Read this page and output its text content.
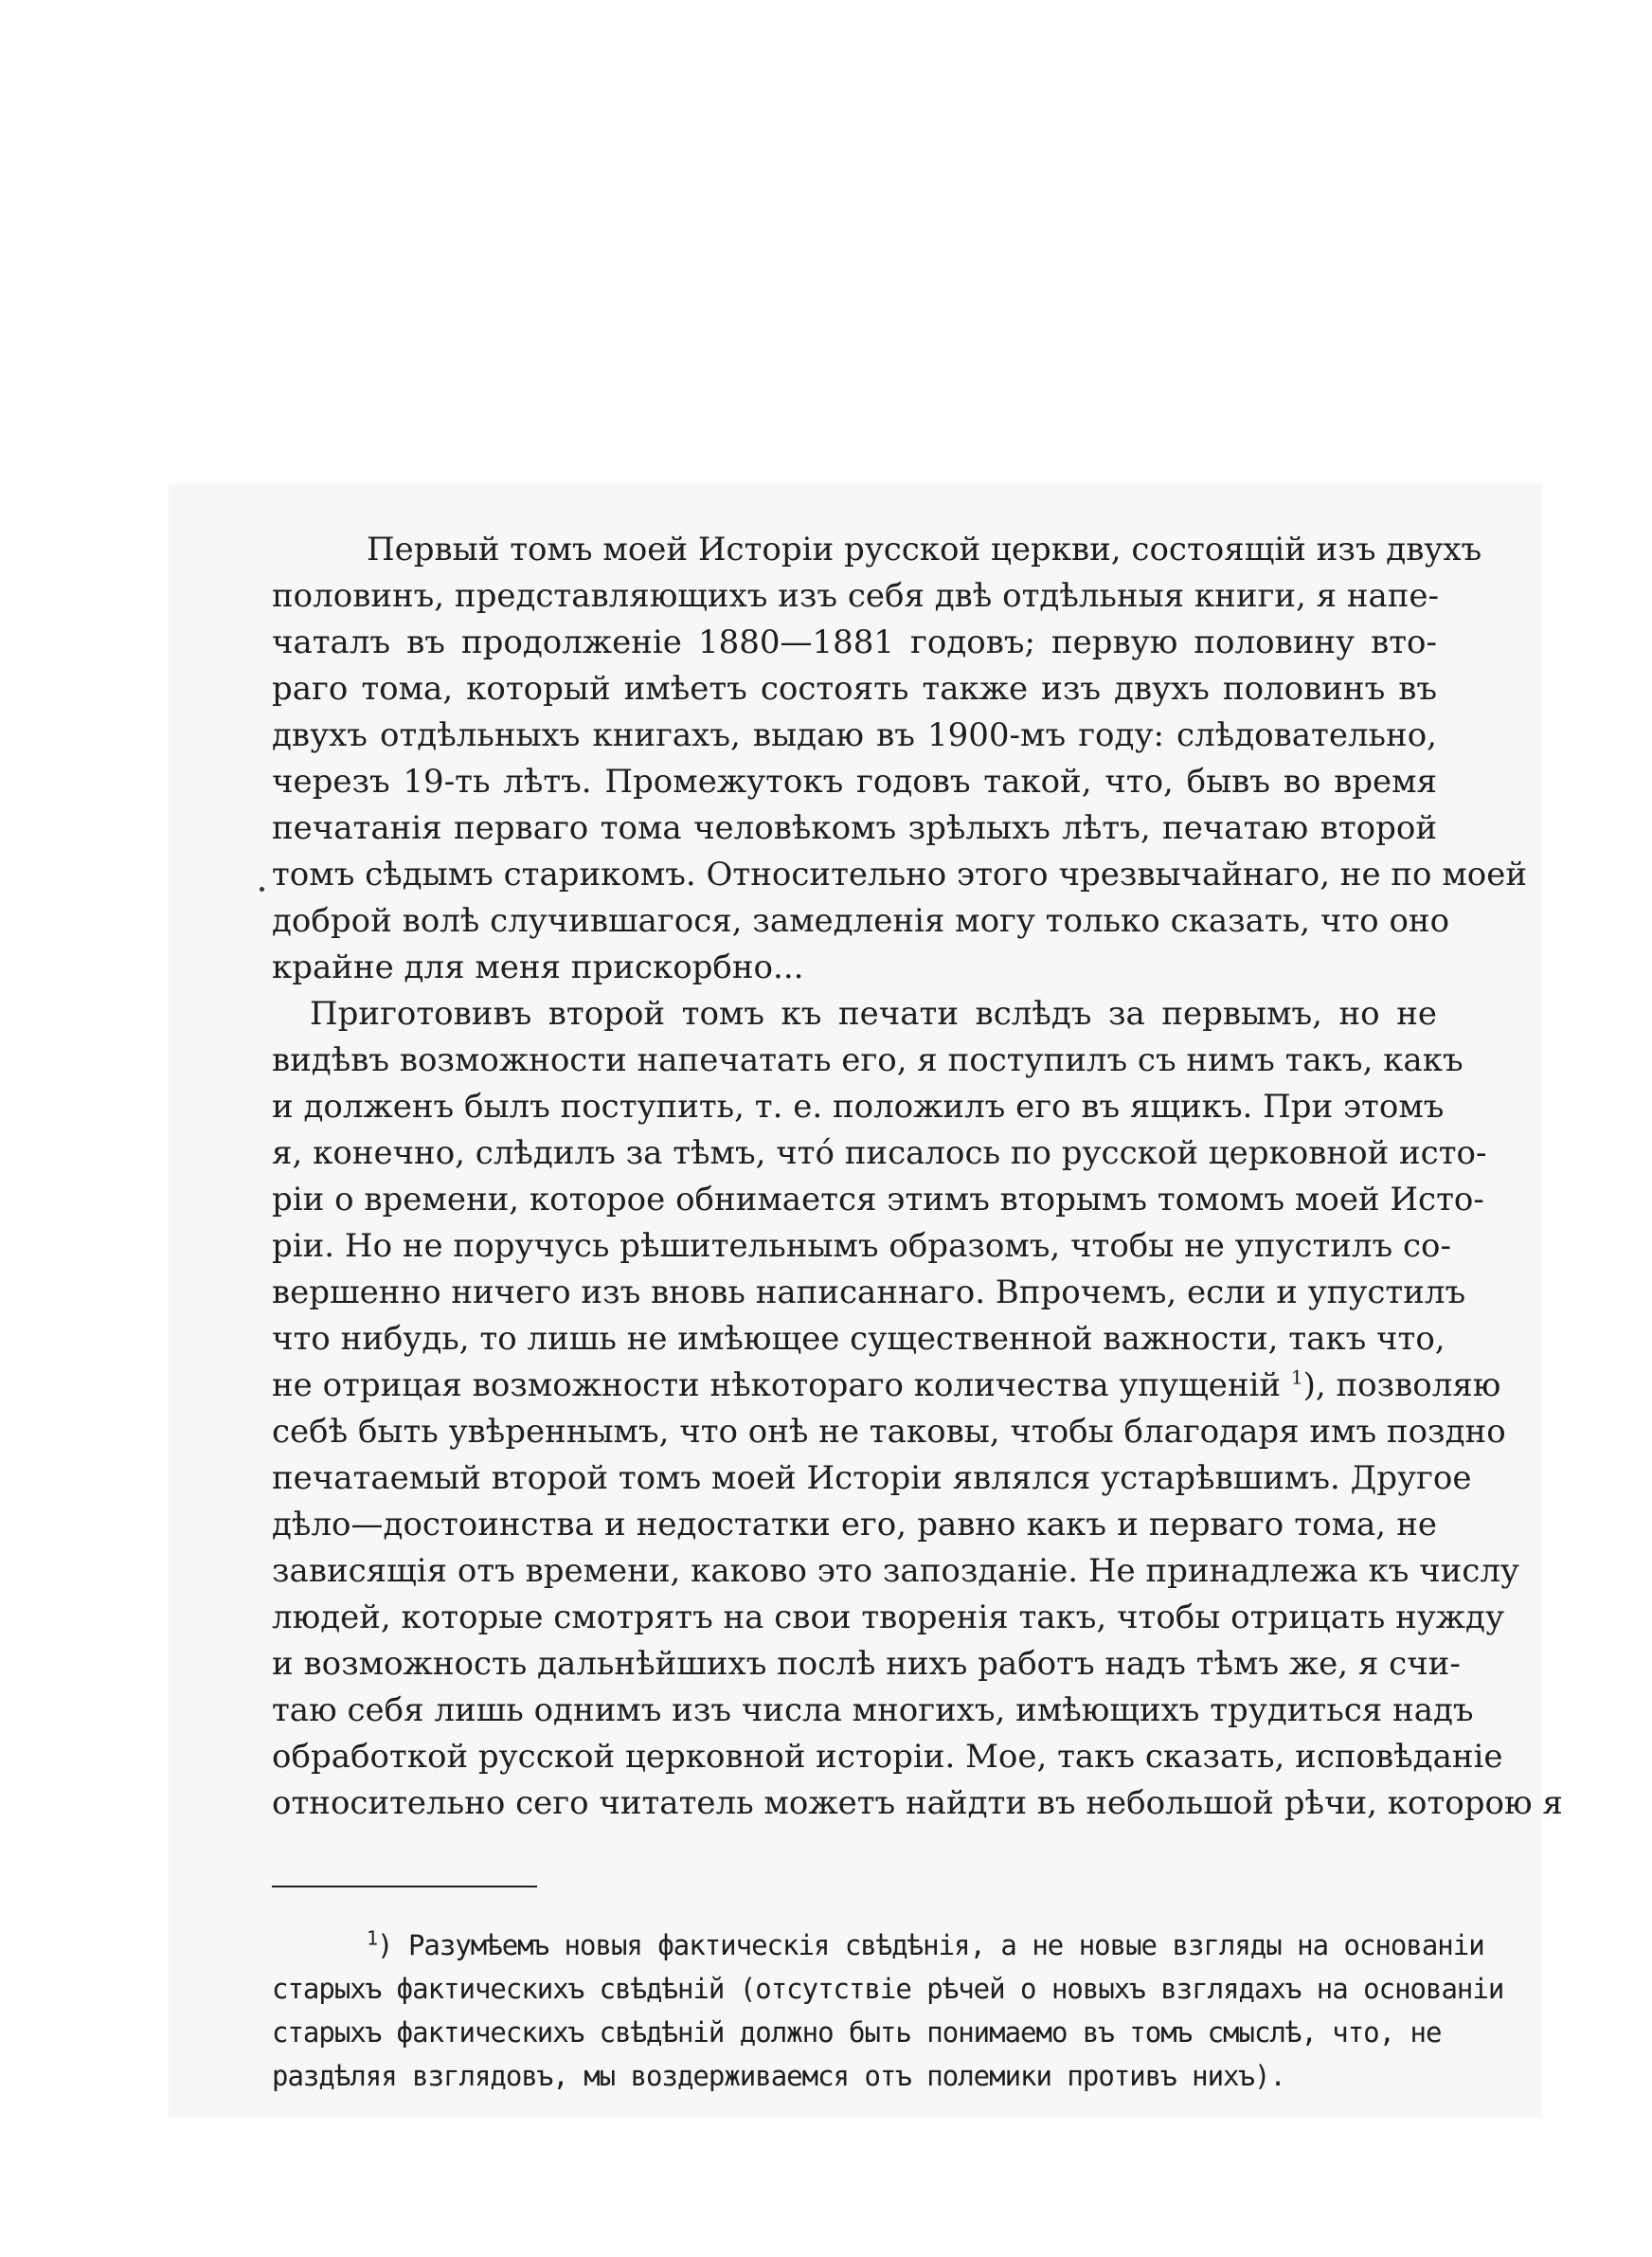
Первый томъ моей Исторіи русской церкви, состоящій изъ двухъ
половинъ, представляющихъ изъ себя двѣ отдѣльныя книги, я напе-
чаталъ въ продолженіе 1880—1881 годовъ; первую половину вто-
раго тома, который имѣетъ состоять также изъ двухъ половинъ въ
двухъ отдѣльныхъ книгахъ, выдаю въ 1900-мъ году: слѣдовательно,
черезъ 19-ть лѣтъ. Промежутокъ годовъ такой, что, бывъ во время
печатанія перваго тома человѣкомъ зрѣлыхъ лѣтъ, печатаю второй
томъ сѣдымъ старикомъ. Относительно этого чрезвычайнаго, не по моей
доброй волѣ случившагося, замедленія могу только сказать, что оно
крайне для меня прискорбно...
Приготовивъ второй томъ къ печати вслѣдъ за первымъ, но не
видѣвъ возможности напечатать его, я поступилъ съ нимъ такъ, какъ
и долженъ былъ поступить, т. е. положилъ его въ ящикъ. При этомъ
я, конечно, слѣдилъ за тѣмъ, что́ писалось по русской церковной исто-
ріи о времени, которое обнимается этимъ вторымъ томомъ моей Исто-
ріи. Но не поручусь рѣшительнымъ образомъ, чтобы не упустилъ со-
вершенно ничего изъ вновь написаннаго. Впрочемъ, если и упустилъ
что нибудь, то лишь не имѣющее существенной важности, такъ что,
не отрицая возможности нѣкотораго количества упущеній $^1$), позволяю
себѣ быть увѣреннымъ, что онѣ не таковы, чтобы благодаря имъ поздно
печатаемый второй томъ моей Исторіи являлся устарѣвшимъ. Другое
дѣло—достоинства и недостатки его, равно какъ и перваго тома, не
зависящія отъ времени, каково это запозданіе. Не принадлежа къ числу
людей, которые смотрятъ на свои творенія такъ, чтобы отрицать нужду
и возможность дальнѣйшихъ послѣ нихъ работъ надъ тѣмъ же, я счи-
таю себя лишь однимъ изъ числа многихъ, имѣющихъ трудиться надъ
обработкой русской церковной исторіи. Мое, такъ сказать, исповѣданіе
относительно сего читатель можетъ найдти въ небольшой рѣчи, которою я
$^1$) Разумѣемъ новыя фактическія свѣдѣнія, а не новые взгляды на основаніи
старыхъ фактическихъ свѣдѣній (отсутствіе рѣчей о новыхъ взглядахъ на основаніи
старыхъ фактическихъ свѣдѣній должно быть понимаемо въ томъ смыслѣ, что, не
раздѣляя взглядовъ, мы воздерживаемся отъ полемики противъ нихъ).
